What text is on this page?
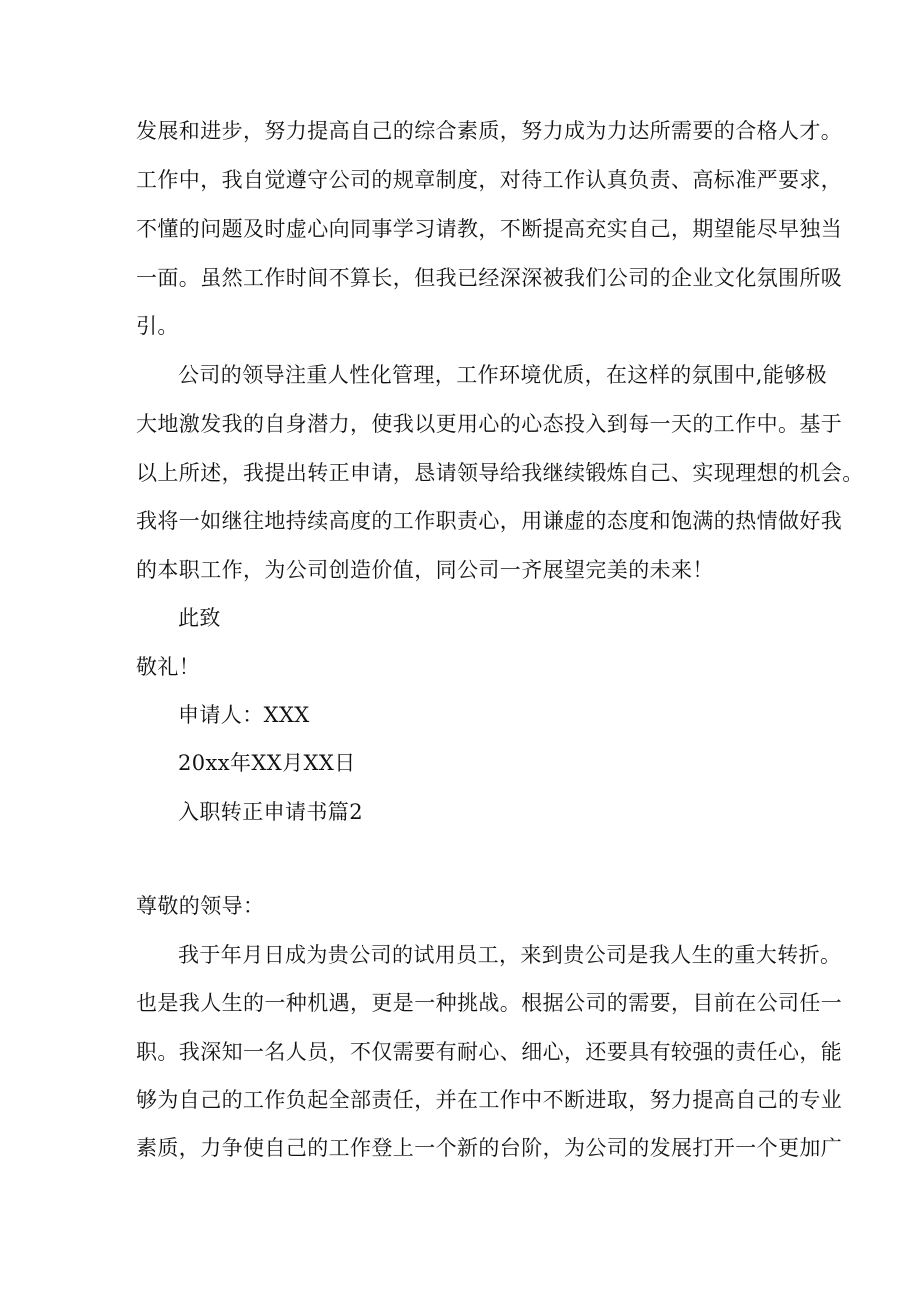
发展和进步，努力提高自己的综合素质，努力成为力达所需要的合格人才。
工作中，我自觉遵守公司的规章制度，对待工作认真负责、高标准严要求，
不懂的问题及时虚心向同事学习请教，不断提高充实自己，期望能尽早独当
一面。虽然工作时间不算长，但我已经深深被我们公司的企业文化氛围所吸
引。
公司的领导注重人性化管理，工作环境优质，在这样的氛围中,能够极
大地激发我的自身潜力，使我以更用心的心态投入到每一天的工作中。基于
以上所述，我提出转正申请，恳请领导给我继续锻炼自己、实现理想的机会。
我将一如继往地持续高度的工作职责心，用谦虚的态度和饱满的热情做好我
的本职工作，为公司创造价值，同公司一齐展望完美的未来！
此致
敬礼！
申请人：XXX
20xx年XX月XX日
入职转正申请书篇2
尊敬的领导：
我于年月日成为贵公司的试用员工，来到贵公司是我人生的重大转折。
也是我人生的一种机遇，更是一种挑战。根据公司的需要，目前在公司任一
职。我深知一名人员，不仅需要有耐心、细心，还要具有较强的责任心，能
够为自己的工作负起全部责任，并在工作中不断进取，努力提高自己的专业
素质，力争使自己的工作登上一个新的台阶，为公司的发展打开一个更加广
